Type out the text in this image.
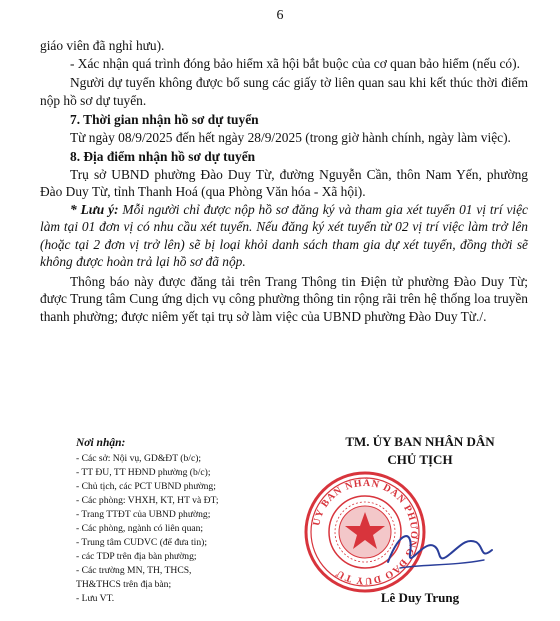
6

giáo viên đã nghỉ hưu).

- Xác nhận quá trình đóng bảo hiểm xã hội bắt buộc của cơ quan bảo hiểm (nếu có).

Người dự tuyển không được bổ sung các giấy tờ liên quan sau khi kết thúc thời điểm nộp hồ sơ dự tuyển.

7. Thời gian nhận hồ sơ dự tuyển

Từ ngày 08/9/2025 đến hết ngày 28/9/2025 (trong giờ hành chính, ngày làm việc).

8. Địa điểm nhận hồ sơ dự tuyển

Trụ sở UBND phường Đào Duy Từ, đường Nguyễn Cần, thôn Nam Yến, phường Đào Duy Từ, tỉnh Thanh Hoá (qua Phòng Văn hóa - Xã hội).

* Lưu ý: Mỗi người chỉ được nộp hồ sơ đăng ký và tham gia xét tuyển 01 vị trí việc làm tại 01 đơn vị có nhu cầu xét tuyển. Nếu đăng ký xét tuyển từ 02 vị trí việc làm trở lên (hoặc tại 2 đơn vị trở lên) sẽ bị loại khỏi danh sách tham gia dự xét tuyển, đồng thời sẽ không được hoàn trả lại hồ sơ đã nộp.

Thông báo này được đăng tải trên Trang Thông tin Điện tử phường Đào Duy Từ; được Trung tâm Cung ứng dịch vụ công phường thông tin rộng rãi trên hệ thống loa truyền thanh phường; được niêm yết tại trụ sở làm việc của UBND phường Đào Duy Từ./.

Nơi nhận:
- Các sở: Nội vụ, GD&ĐT (b/c);
- TT ĐU, TT HĐND phường (b/c);
- Chủ tịch, các PCT UBND phường;
- Các phòng: VHXH, KT, HT và ĐT;
- Trang TTĐT của UBND phường;
- Các phòng, ngành có liên quan;
- Trung tâm CUDVC (để đưa tin);
- các TDP trên địa bàn phường;
- Các trường MN, TH, THCS,
TH&THCS trên địa bàn;
- Lưu VT.
TM. ỦY BAN NHÂN DÂN
CHỦ TỊCH
ỦY BAN NHÂN DÂN PHƯỜNG ĐÀO DUY TỪ
Lê Duy Trung
